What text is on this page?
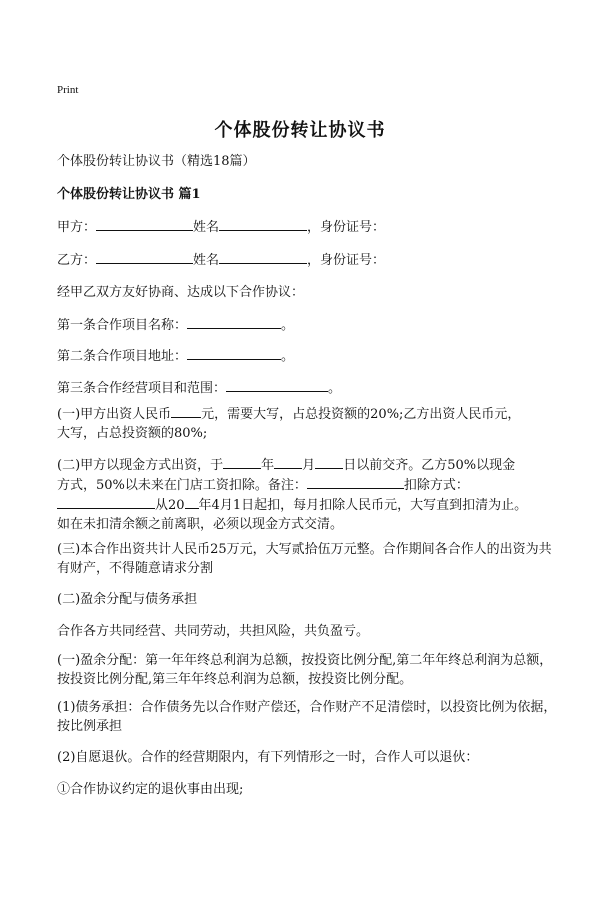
Print
个体股份转让协议书
个体股份转让协议书（精选18篇）
个体股份转让协议书 篇1
甲方：	姓名	，身份证号：
乙方：	姓名	，身份证号：
经甲乙双方友好协商、达成以下合作协议：
第一条合作项目名称：	。
第二条合作项目地址：	。
第三条合作经营项目和范围：	。
(一)甲方出资人民币 元，需要大写，占总投资额的20%;乙方出资人民币元，
大写，占总投资额的80%;
(二)甲方以现金方式出资，于	年 月 日以前交齐。乙方50%以现金
方式，50%以未来在门店工资扣除。备注：	扣除方式：
从20 年4月1日起扣，每月扣除人民币元，大写直到扣清为止。
如在未扣清余额之前离职，必须以现金方式交清。
(三)本合作出资共计人民币25万元，大写贰拾伍万元整。合作期间各合作人的出资为共有财产，不得随意请求分割
(二)盈余分配与债务承担
合作各方共同经营、共同劳动，共担风险，共负盈亏。
(一)盈余分配：第一年年终总利润为总额，按投资比例分配,第二年年终总利润为总额，按投资比例分配,第三年年终总利润为总额，按投资比例分配。
(1)债务承担：合作债务先以合作财产偿还，合作财产不足清偿时，以投资比例为依据，按比例承担
(2)自愿退伙。合作的经营期限内，有下列情形之一时，合作人可以退伙：
①合作协议约定的退伙事由出现;
